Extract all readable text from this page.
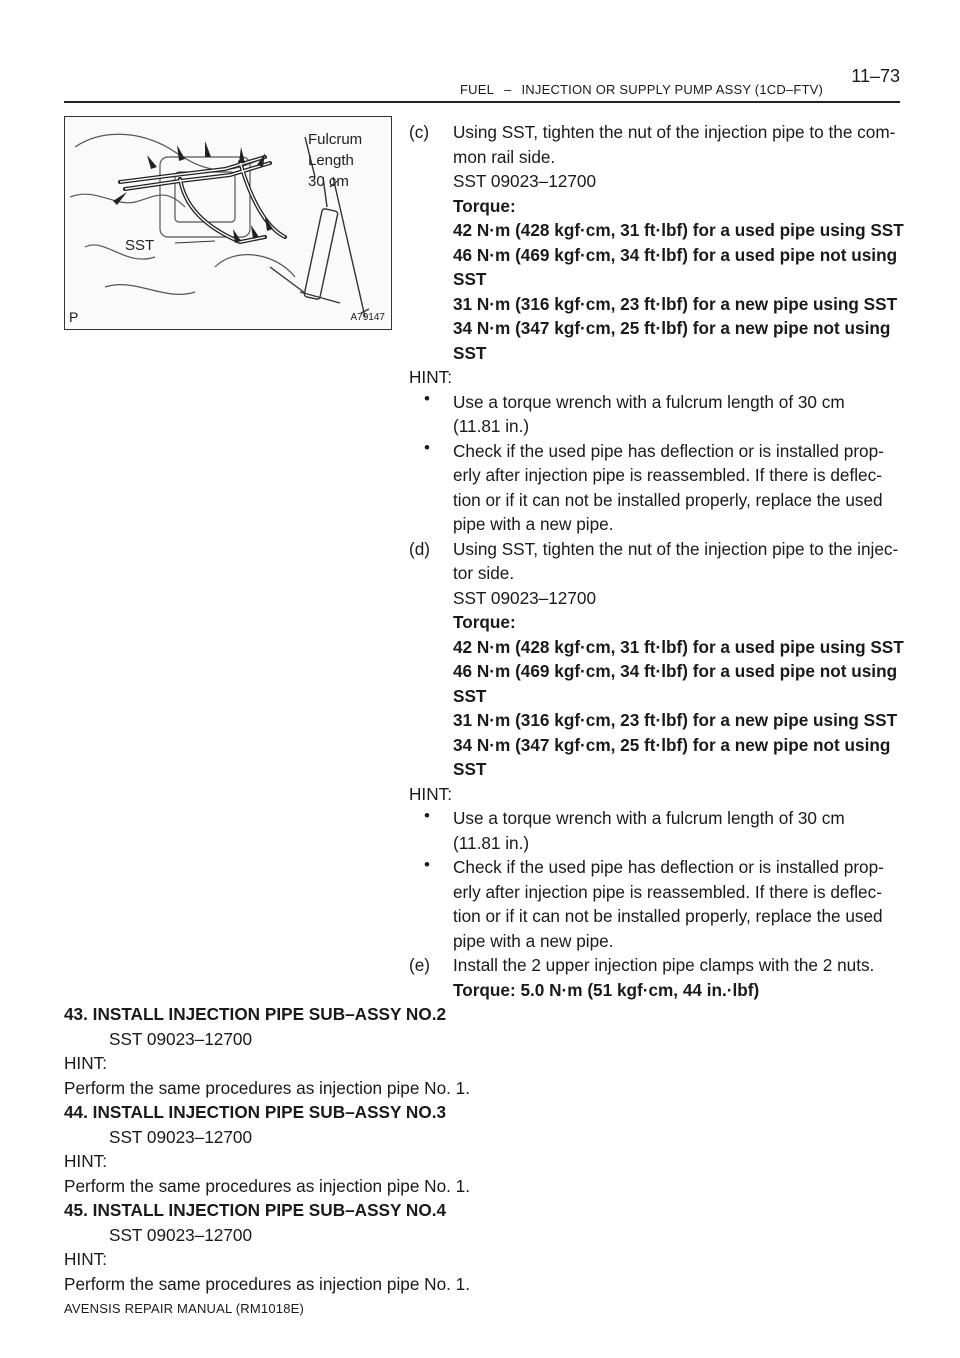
FUEL – INJECTION OR SUPPLY PUMP ASSY (1CD–FTV)
11–73
Fulcrum
Length
30 cm
SST
A79147
P
(c) Using SST, tighten the nut of the injection pipe to the com-
mon rail side.
SST 09023–12700
Torque:
42 N·m (428 kgf·cm, 31 ft·lbf) for a used pipe using SST
46 N·m (469 kgf·cm, 34 ft·lbf) for a used pipe not using
SST
31 N·m (316 kgf·cm, 23 ft·lbf) for a new pipe using SST
34 N·m (347 kgf·cm, 25 ft·lbf) for a new pipe not using
SST
HINT:
• Use a torque wrench with a fulcrum length of 30 cm
(11.81 in.)
• Check if the used pipe has deflection or is installed prop-
erly after injection pipe is reassembled. If there is deflec-
tion or if it can not be installed properly, replace the used
pipe with a new pipe.
(d) Using SST, tighten the nut of the injection pipe to the injec-
tor side.
SST 09023–12700
Torque:
42 N·m (428 kgf·cm, 31 ft·lbf) for a used pipe using SST
46 N·m (469 kgf·cm, 34 ft·lbf) for a used pipe not using
SST
31 N·m (316 kgf·cm, 23 ft·lbf) for a new pipe using SST
34 N·m (347 kgf·cm, 25 ft·lbf) for a new pipe not using
SST
HINT:
• Use a torque wrench with a fulcrum length of 30 cm
(11.81 in.)
• Check if the used pipe has deflection or is installed prop-
erly after injection pipe is reassembled. If there is deflec-
tion or if it can not be installed properly, replace the used
pipe with a new pipe.
(e) Install the 2 upper injection pipe clamps with the 2 nuts.
Torque: 5.0 N·m (51 kgf·cm, 44 in.·lbf)
43. INSTALL INJECTION PIPE SUB–ASSY NO.2
SST 09023–12700
HINT:
Perform the same procedures as injection pipe No. 1.
44. INSTALL INJECTION PIPE SUB–ASSY NO.3
SST 09023–12700
HINT:
Perform the same procedures as injection pipe No. 1.
45. INSTALL INJECTION PIPE SUB–ASSY NO.4
SST 09023–12700
HINT:
Perform the same procedures as injection pipe No. 1.
AVENSIS REPAIR MANUAL (RM1018E)
